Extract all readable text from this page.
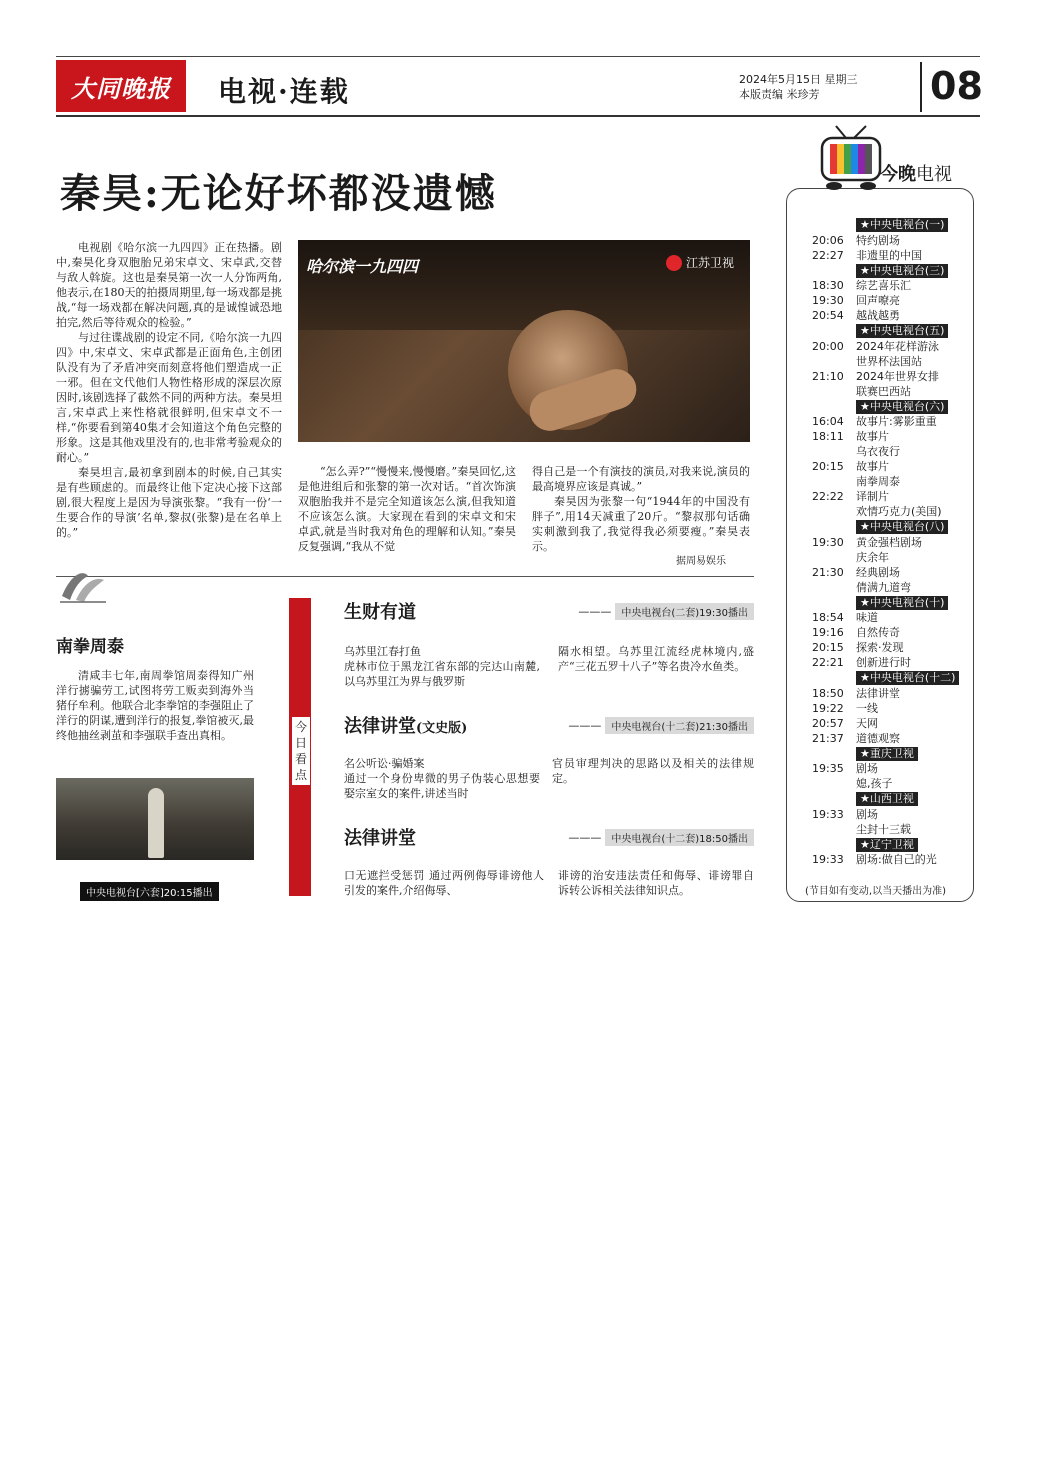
大同晚报	电视·连载	2024年5月15日 星期三
本版责编 米珍芳	08
秦昊:无论好坏都没遗憾

电视剧《哈尔滨一九四四》正在热播。剧中,秦昊化身双胞胎兄弟宋卓文、宋卓武,交替与敌人斡旋。这也是秦昊第一次一人分饰两角,他表示,在180天的拍摄周期里,每一场戏都是挑战,“每一场戏都在解决问题,真的是诚惶诚恐地拍完,然后等待观众的检验。”

与过往谍战剧的设定不同,《哈尔滨一九四四》中,宋卓文、宋卓武都是正面角色,主创团队没有为了矛盾冲突而刻意将他们塑造成一正一邪。但在文代他们人物性格形成的深层次原因时,该剧选择了截然不同的两种方法。秦昊坦言,宋卓武上来性格就很鲜明,但宋卓文不一样,“你要看到第40集才会知道这个角色完整的形象。这是其他戏里没有的,也非常考验观众的耐心。”

秦昊坦言,最初拿到剧本的时候,自己其实是有些顾虑的。而最终让他下定决心接下这部剧,很大程度上是因为导演张黎。“我有一份‘一生要合作的导演’名单,黎叔(张黎)是在名单上的。”

哈尔滨一九四四	江苏卫视

“怎么弄?”“慢慢来,慢慢磨。”秦昊回忆,这是他进组后和张黎的第一次对话。“首次饰演双胞胎我并不是完全知道该怎么演,但我知道不应该怎么演。大家现在看到的宋卓文和宋卓武,就是当时我对角色的理解和认知。”秦昊反复强调,“我从不觉

得自己是一个有演技的演员,对我来说,演员的最高境界应该是真诚。”

秦昊因为张黎一句“1944年的中国没有胖子”,用14天减重了20斤。“黎叔那句话确实刺激到我了,我觉得我必须要瘦。”秦昊表示。

据周易娱乐
南拳周泰

清咸丰七年,南周拳馆周泰得知广州洋行掳骗劳工,试图将劳工贩卖到海外当猪仔牟利。他联合北李拳馆的李强阻止了洋行的阴谋,遭到洋行的报复,拳馆被灭,最终他抽丝剥茧和李强联手查出真相。

中央电视台[六套]20:15播出
今日看点
生财有道	———	中央电视台(二套)19:30播出
乌苏里江春打鱼
虎林市位于黑龙江省东部的完达山南麓,以乌苏里江为界与俄罗斯
隔水相望。乌苏里江流经虎林境内,盛产“三花五罗十八子”等名贵冷水鱼类。
法律讲堂(文史版)	———	中央电视台(十二套)21:30播出
名公听讼·骗婚案
通过一个身份卑微的男子伪装心思想要娶宗室女的案件,讲述当时
官员审理判决的思路以及相关的法律规定。
法律讲堂	———	中央电视台(十二套)18:50播出
口无遮拦受惩罚 通过两例侮辱诽谤他人引发的案件,介绍侮辱、
诽谤的治安违法责任和侮辱、诽谤罪自诉转公诉相关法律知识点。
今晚电视
★中央电视台(一)
20:06	特约剧场
22:27	非遗里的中国
★中央电视台(三)
18:30	综艺喜乐汇
19:30	回声嘹亮
20:54	越战越勇
★中央电视台(五)
20:00	2024年花样游泳
世界杯法国站
21:10	2024年世界女排
联赛巴西站
★中央电视台(六)
16:04	故事片:雾影重重
18:11	故事片
乌衣夜行
20:15	故事片
南拳周泰
22:22	译制片
欢情巧克力(美国)
★中央电视台(八)
19:30	黄金强档剧场
庆余年
21:30	经典剧场
倩满九道弯
★中央电视台(十)
18:54	味道
19:16	自然传奇
20:15	探索·发现
22:21	创新进行时
★中央电视台(十二)
18:50	法律讲堂
19:22	一线
20:57	天网
21:37	道德观察
★重庆卫视
19:35	剧场
媳,孩子
★山西卫视
19:33	剧场
尘封十三载
★辽宁卫视
19:33	剧场:做自己的光
(节目如有变动,以当天播出为准)
